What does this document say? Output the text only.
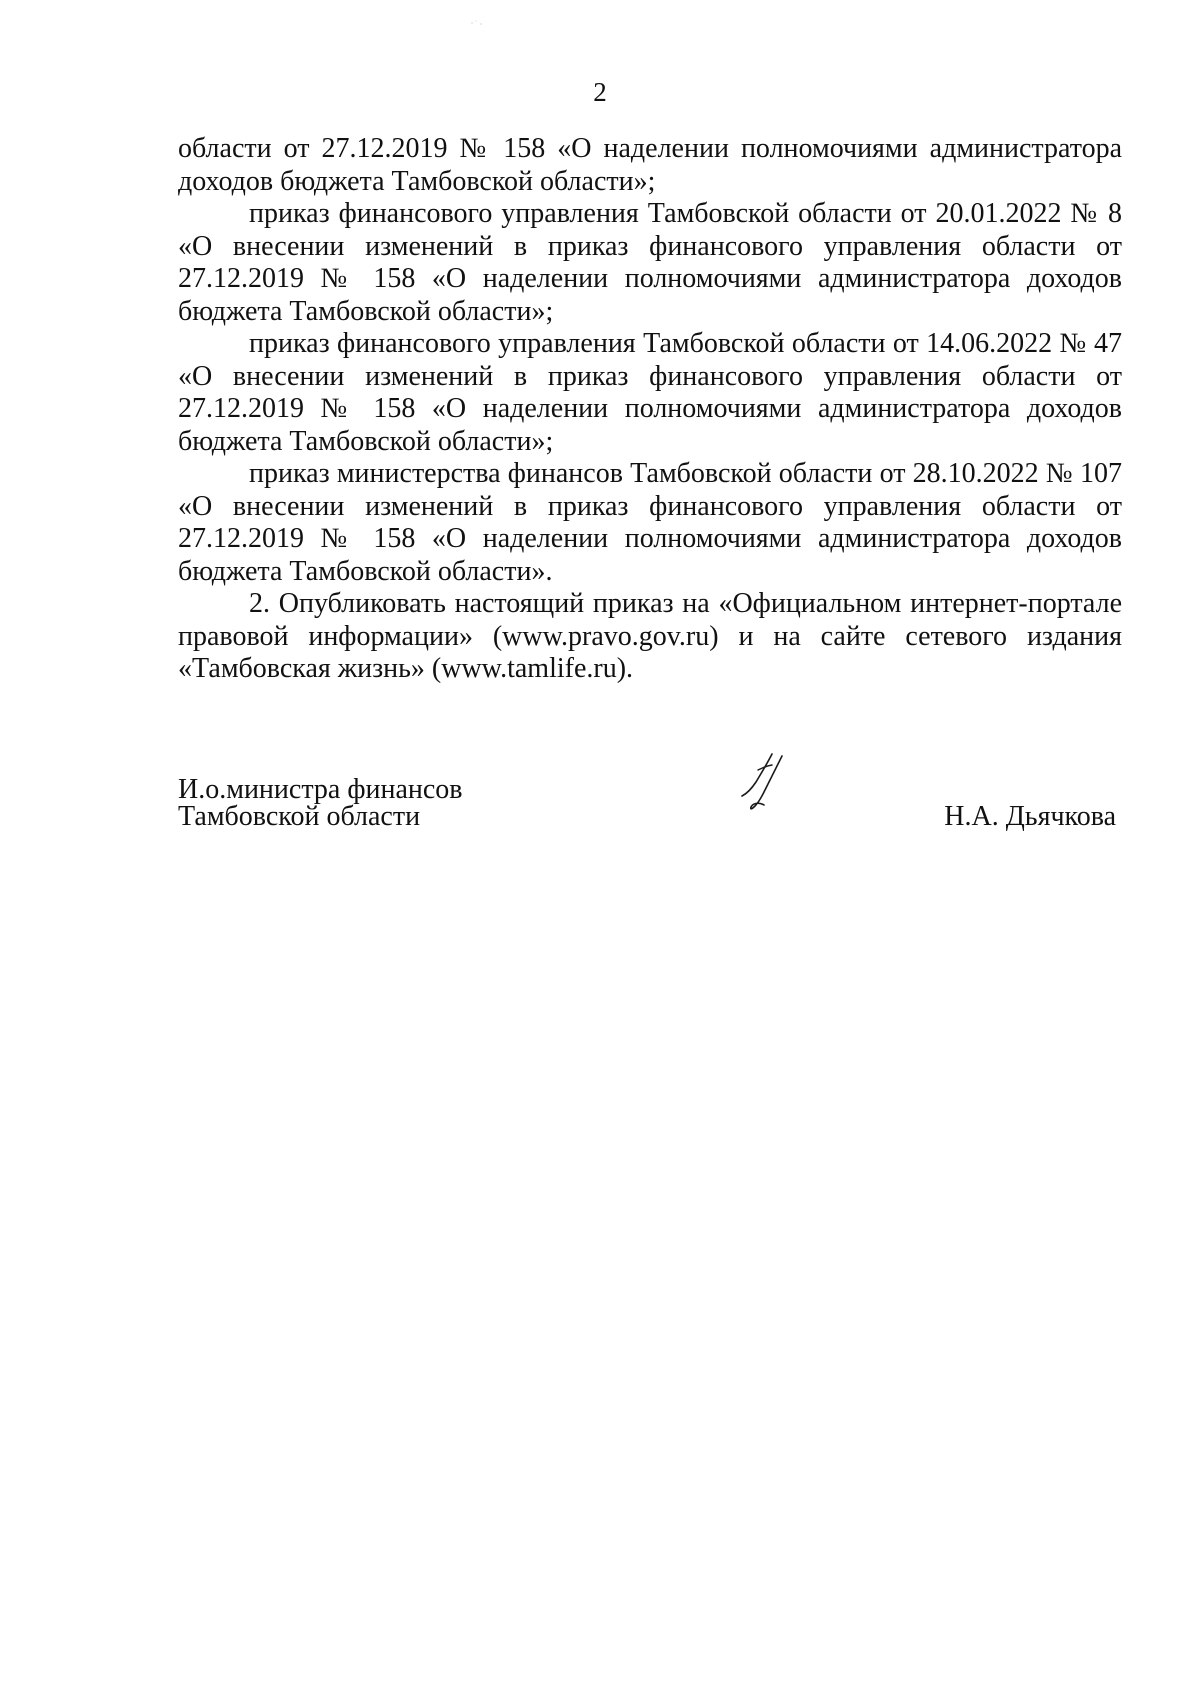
2

области от 27.12.2019 № 158 «О наделении полномочиями администратора доходов бюджета Тамбовской области»;

приказ финансового управления Тамбовской области от 20.01.2022 № 8 «О внесении изменений в приказ финансового управления области от 27.12.2019 № 158 «О наделении полномочиями администратора доходов бюджета Тамбовской области»;

приказ финансового управления Тамбовской области от 14.06.2022 № 47 «О внесении изменений в приказ финансового управления области от 27.12.2019 № 158 «О наделении полномочиями администратора доходов бюджета Тамбовской области»;

приказ министерства финансов Тамбовской области от 28.10.2022 № 107 «О внесении изменений в приказ финансового управления области от 27.12.2019 № 158 «О наделении полномочиями администратора доходов бюджета Тамбовской области».

2. Опубликовать настоящий приказ на «Официальном интернет-портале правовой информации» (www.pravo.gov.ru) и на сайте сетевого издания «Тамбовская жизнь» (www.tamlife.ru).

И.о.министра финансов
Тамбовской области	Н.А. Дьячкова
